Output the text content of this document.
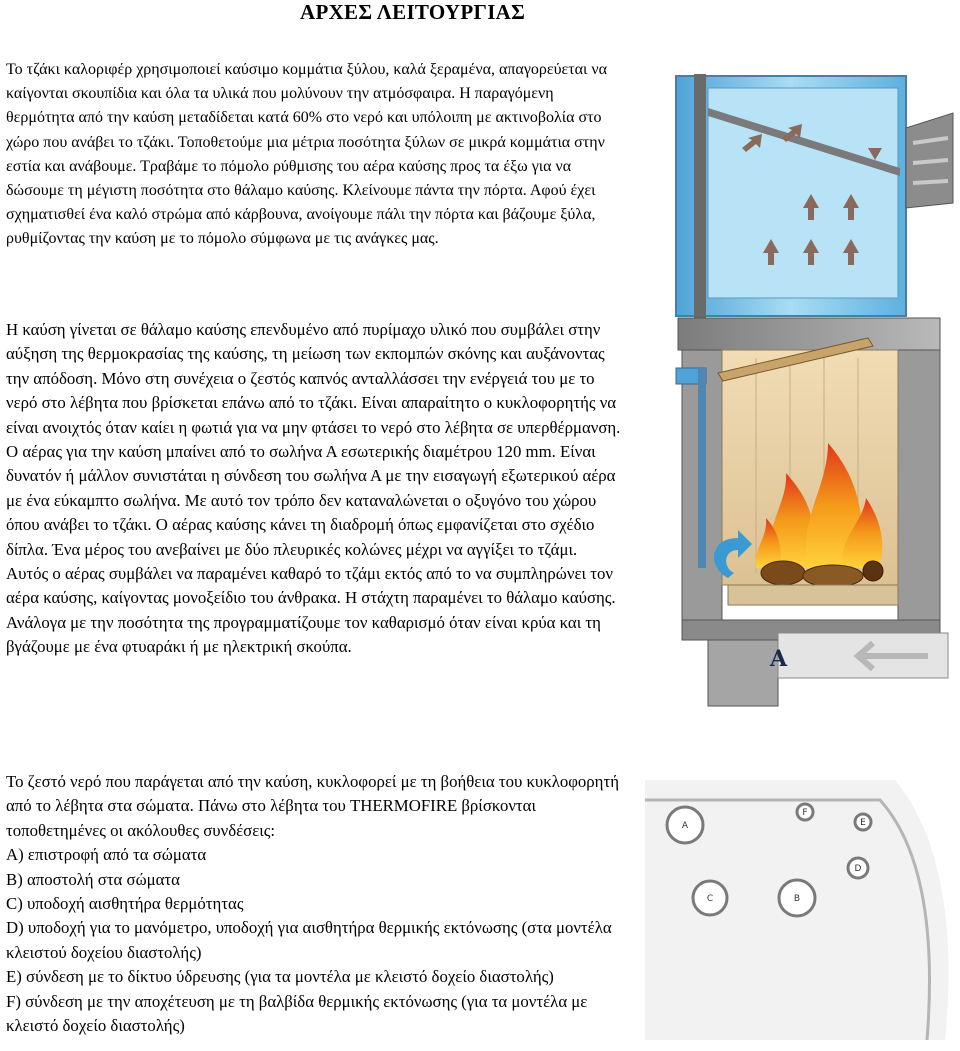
ΑΡΧΕΣ ΛΕΙΤΟΥΡΓΙΑΣ

Το τζάκι καλοριφέρ χρησιμοποιεί καύσιμο κομμάτια ξύλου, καλά ξεραμένα, απαγορεύεται να καίγονται σκουπίδια και όλα τα υλικά που μολύνουν την ατμόσφαιρα. Η παραγόμενη θερμότητα από την καύση μεταδίδεται κατά 60% στο νερό και υπόλοιπη με ακτινοβολία στο χώρο που ανάβει το τζάκι. Τοποθετούμε μια μέτρια ποσότητα ξύλων σε μικρά κομμάτια στην εστία και ανάβουμε. Τραβάμε το πόμολο ρύθμισης του αέρα καύσης προς τα έξω για να δώσουμε τη μέγιστη ποσότητα στο θάλαμο καύσης. Κλείνουμε πάντα την πόρτα. Αφού έχει σχηματισθεί ένα καλό στρώμα από κάρβουνα, ανοίγουμε πάλι την πόρτα και βάζουμε ξύλα, ρυθμίζοντας την καύση με το πόμολο σύμφωνα με τις ανάγκες μας.

Η καύση γίνεται σε θάλαμο καύσης επενδυμένο από πυρίμαχο υλικό που συμβάλει στην αύξηση της θερμοκρασίας της καύσης, τη μείωση των εκπομπών σκόνης και αυξάνοντας την απόδοση. Μόνο στη συνέχεια ο ζεστός καπνός ανταλλάσσει την ενέργειά του με το νερό στο λέβητα που βρίσκεται επάνω από το τζάκι. Είναι απαραίτητο ο κυκλοφορητής να είναι ανοιχτός όταν καίει η φωτιά για να μην φτάσει το νερό στο λέβητα σε υπερθέρμανση. Ο αέρας για την καύση μπαίνει από το σωλήνα Α εσωτερικής διαμέτρου 120 mm. Είναι δυνατόν ή μάλλον συνιστάται η σύνδεση του σωλήνα Α με την εισαγωγή εξωτερικού αέρα με ένα εύκαμπτο σωλήνα. Με αυτό τον τρόπο δεν καταναλώνεται ο οξυγόνο του χώρου όπου ανάβει το τζάκι. Ο αέρας καύσης κάνει τη διαδρομή όπως εμφανίζεται στο σχέδιο δίπλα. Ένα μέρος του ανεβαίνει με δύο πλευρικές κολώνες μέχρι να αγγίξει το τζάμι. Αυτός ο αέρας συμβάλει να παραμένει καθαρό το τζάμι εκτός από το να συμπληρώνει τον αέρα καύσης, καίγοντας μονοξείδιο του άνθρακα. Η στάχτη παραμένει το θάλαμο καύσης. Ανάλογα με την ποσότητα της προγραμματίζουμε τον καθαρισμό όταν είναι κρύα και τη βγάζουμε με ένα φτυαράκι ή με ηλεκτρική σκούπα.

Το ζεστό νερό που παράγεται από την καύση, κυκλοφορεί με τη βοήθεια του κυκλοφορητή από το λέβητα στα σώματα. Πάνω στο λέβητα του THERMOFIRE βρίσκονται τοποθετημένες οι ακόλουθες συνδέσεις:
Α) επιστροφή από τα σώματα
Β) αποστολή στα σώματα
C) υποδοχή αισθητήρα θερμότητας
D) υποδοχή για το μανόμετρο, υποδοχή για αισθητήρα θερμικής εκτόνωσης (στα μοντέλα κλειστού δοχείου διαστολής)
Ε) σύνδεση με το δίκτυο ύδρευσης (για τα μοντέλα με κλειστό δοχείο διαστολής)
F) σύνδεση με την αποχέτευση με τη βαλβίδα θερμικής εκτόνωσης (για τα μοντέλα με κλειστό δοχείο διαστολής)
A
A
F
E
C	B
D
